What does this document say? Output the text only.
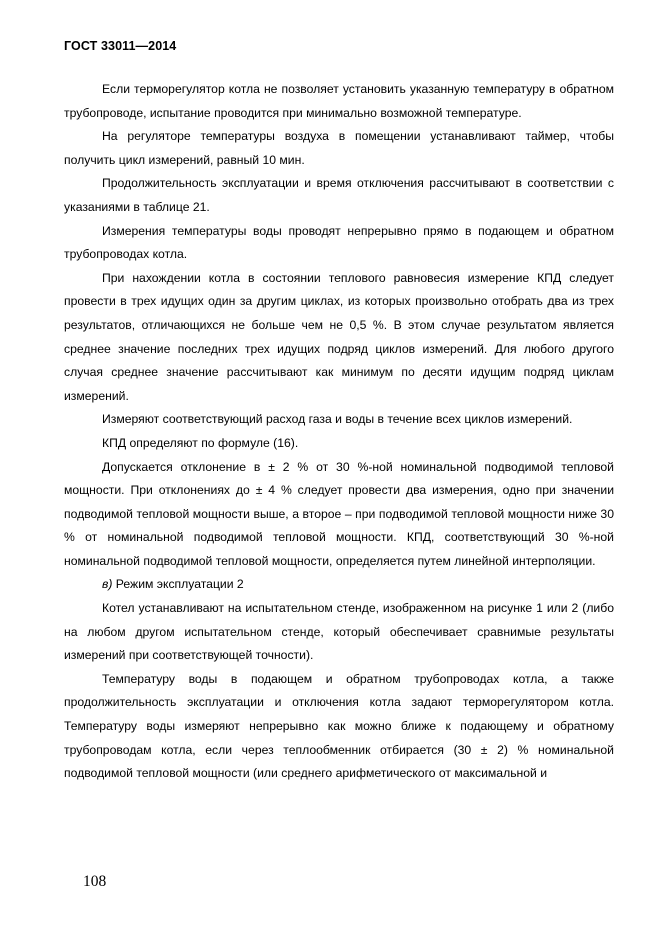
ГОСТ 33011—2014

Если терморегулятор котла не позволяет установить указанную температуру в обратном трубопроводе, испытание проводится при минимально возможной температуре.

На регуляторе температуры воздуха в помещении устанавливают таймер, чтобы получить цикл измерений, равный 10 мин.

Продолжительность эксплуатации и время отключения рассчитывают в соответствии с указаниями в таблице 21.

Измерения температуры воды проводят непрерывно прямо в подающем и обратном трубопроводах котла.

При нахождении котла в состоянии теплового равновесия измерение КПД следует провести в трех идущих один за другим циклах, из которых произвольно отобрать два из трех результатов, отличающихся не больше чем не 0,5 %. В этом случае результатом является среднее значение последних трех идущих подряд циклов измерений. Для любого другого случая среднее значение рассчитывают как минимум по десяти идущим подряд циклам измерений.

Измеряют соответствующий расход газа и воды в течение всех циклов измерений.

КПД определяют по формуле (16).

Допускается отклонение в ± 2 % от 30 %-ной номинальной подводимой тепловой мощности. При отклонениях до ± 4 % следует провести два измерения, одно при значении подводимой тепловой мощности выше, а второе – при подводимой тепловой мощности ниже 30 % от номинальной подводимой тепловой мощности. КПД, соответствующий 30 %-ной номинальной подводимой тепловой мощности, определяется путем линейной интерполяции.

в) Режим эксплуатации 2

Котел устанавливают на испытательном стенде, изображенном на рисунке 1 или 2 (либо на любом другом испытательном стенде, который обеспечивает сравнимые результаты измерений при соответствующей точности).

Температуру воды в подающем и обратном трубопроводах котла, а также продолжительность эксплуатации и отключения котла задают терморегулятором котла. Температуру воды измеряют непрерывно как можно ближе к подающему и обратному трубопроводам котла, если через теплообменник отбирается (30 ± 2) % номинальной подводимой тепловой мощности (или среднего арифметического от максимальной и

108
